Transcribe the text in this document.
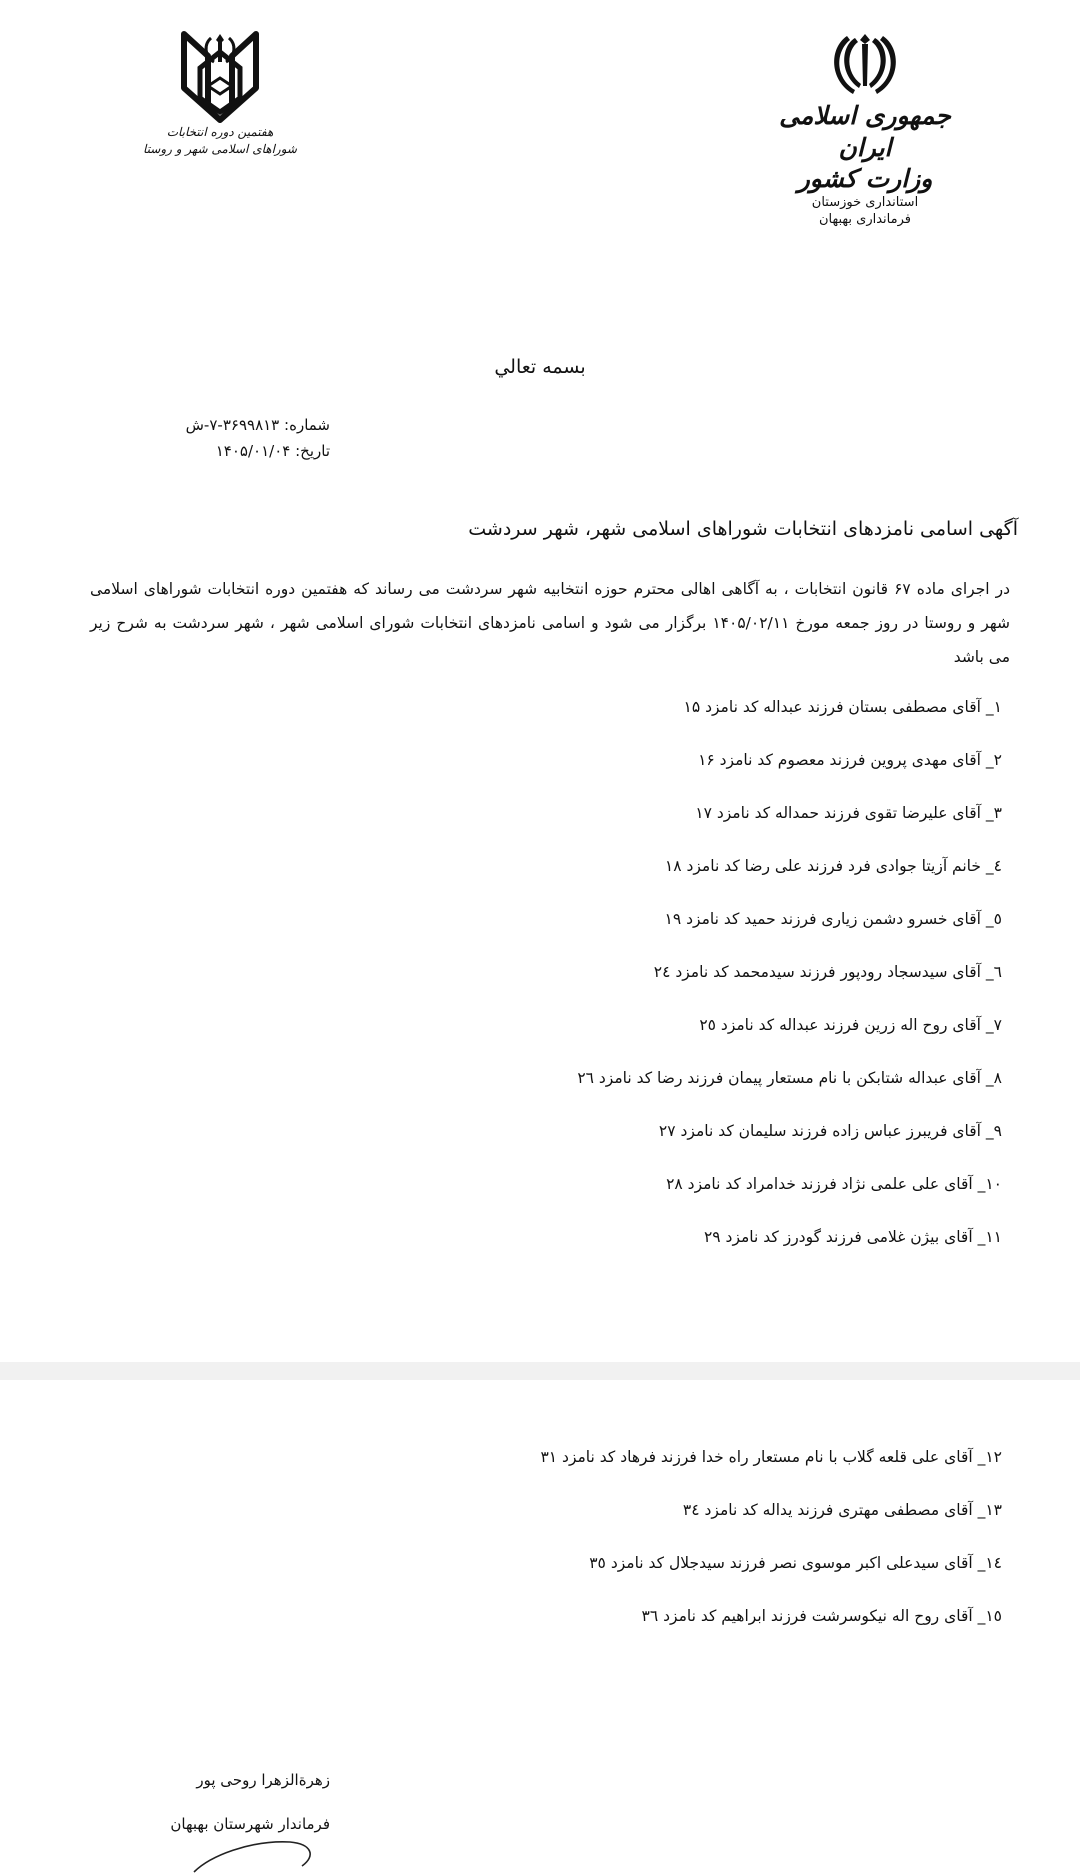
جمهوری اسلامی ایران
وزارت کشور
استانداری خوزستان
فرمانداری بهبهان
هفتمین دوره انتخابات
شوراهای اسلامی شهر و روستا
بسمه تعالي
شماره: ۳۶۹۹۸۱۳-۷-ش
تاریخ: ۱۴۰۵/۰۱/۰۴
آگهی اسامی نامزدهای انتخابات شوراهای اسلامی شهر، شهر سردشت
در اجرای ماده ۶۷ قانون انتخابات ، به آگاهی اهالی محترم حوزه انتخابیه شهر سردشت می رساند که هفتمین دوره انتخابات شوراهای اسلامی شهر و روستا در روز جمعه مورخ ۱۴۰۵/۰۲/۱۱ برگزار می شود و اسامی نامزدهای انتخابات شورای اسلامی شهر ، شهر سردشت به شرح زیر می باشد
۱_ آقای مصطفی بستان فرزند عبداله کد نامزد ۱۵
۲_ آقای مهدی پروین فرزند معصوم کد نامزد ۱۶
۳_ آقای علیرضا تقوی فرزند حمداله کد نامزد ۱۷
٤_ خانم آزیتا جوادی فرد فرزند علی رضا کد نامزد ۱۸
٥_ آقای خسرو دشمن زیاری فرزند حمید کد نامزد ۱۹
٦_ آقای سیدسجاد رودپور فرزند سیدمحمد کد نامزد ۲٤
۷_ آقای روح اله زرین فرزند عبداله کد نامزد ۲٥
۸_ آقای عبداله شتابکن با نام مستعار پیمان فرزند رضا کد نامزد ۲٦
۹_ آقای فریبرز عباس زاده فرزند سلیمان کد نامزد ۲۷
۱۰_ آقای علی علمی نژاد فرزند خدامراد کد نامزد ۲۸
۱۱_ آقای بیژن غلامی فرزند گودرز کد نامزد ۲۹
۱۲_ آقای علی قلعه گلاب با نام مستعار راه خدا فرزند فرهاد کد نامزد ۳۱
۱۳_ آقای مصطفی مهتری فرزند یداله کد نامزد ۳٤
١٤_ آقای سیدعلی اکبر موسوی نصر فرزند سیدجلال کد نامزد ۳٥
١٥_ آقای روح اله نیکوسرشت فرزند ابراهیم کد نامزد ۳٦
زهرةالزهرا روحی پور
فرماندار شهرستان بهبهان
